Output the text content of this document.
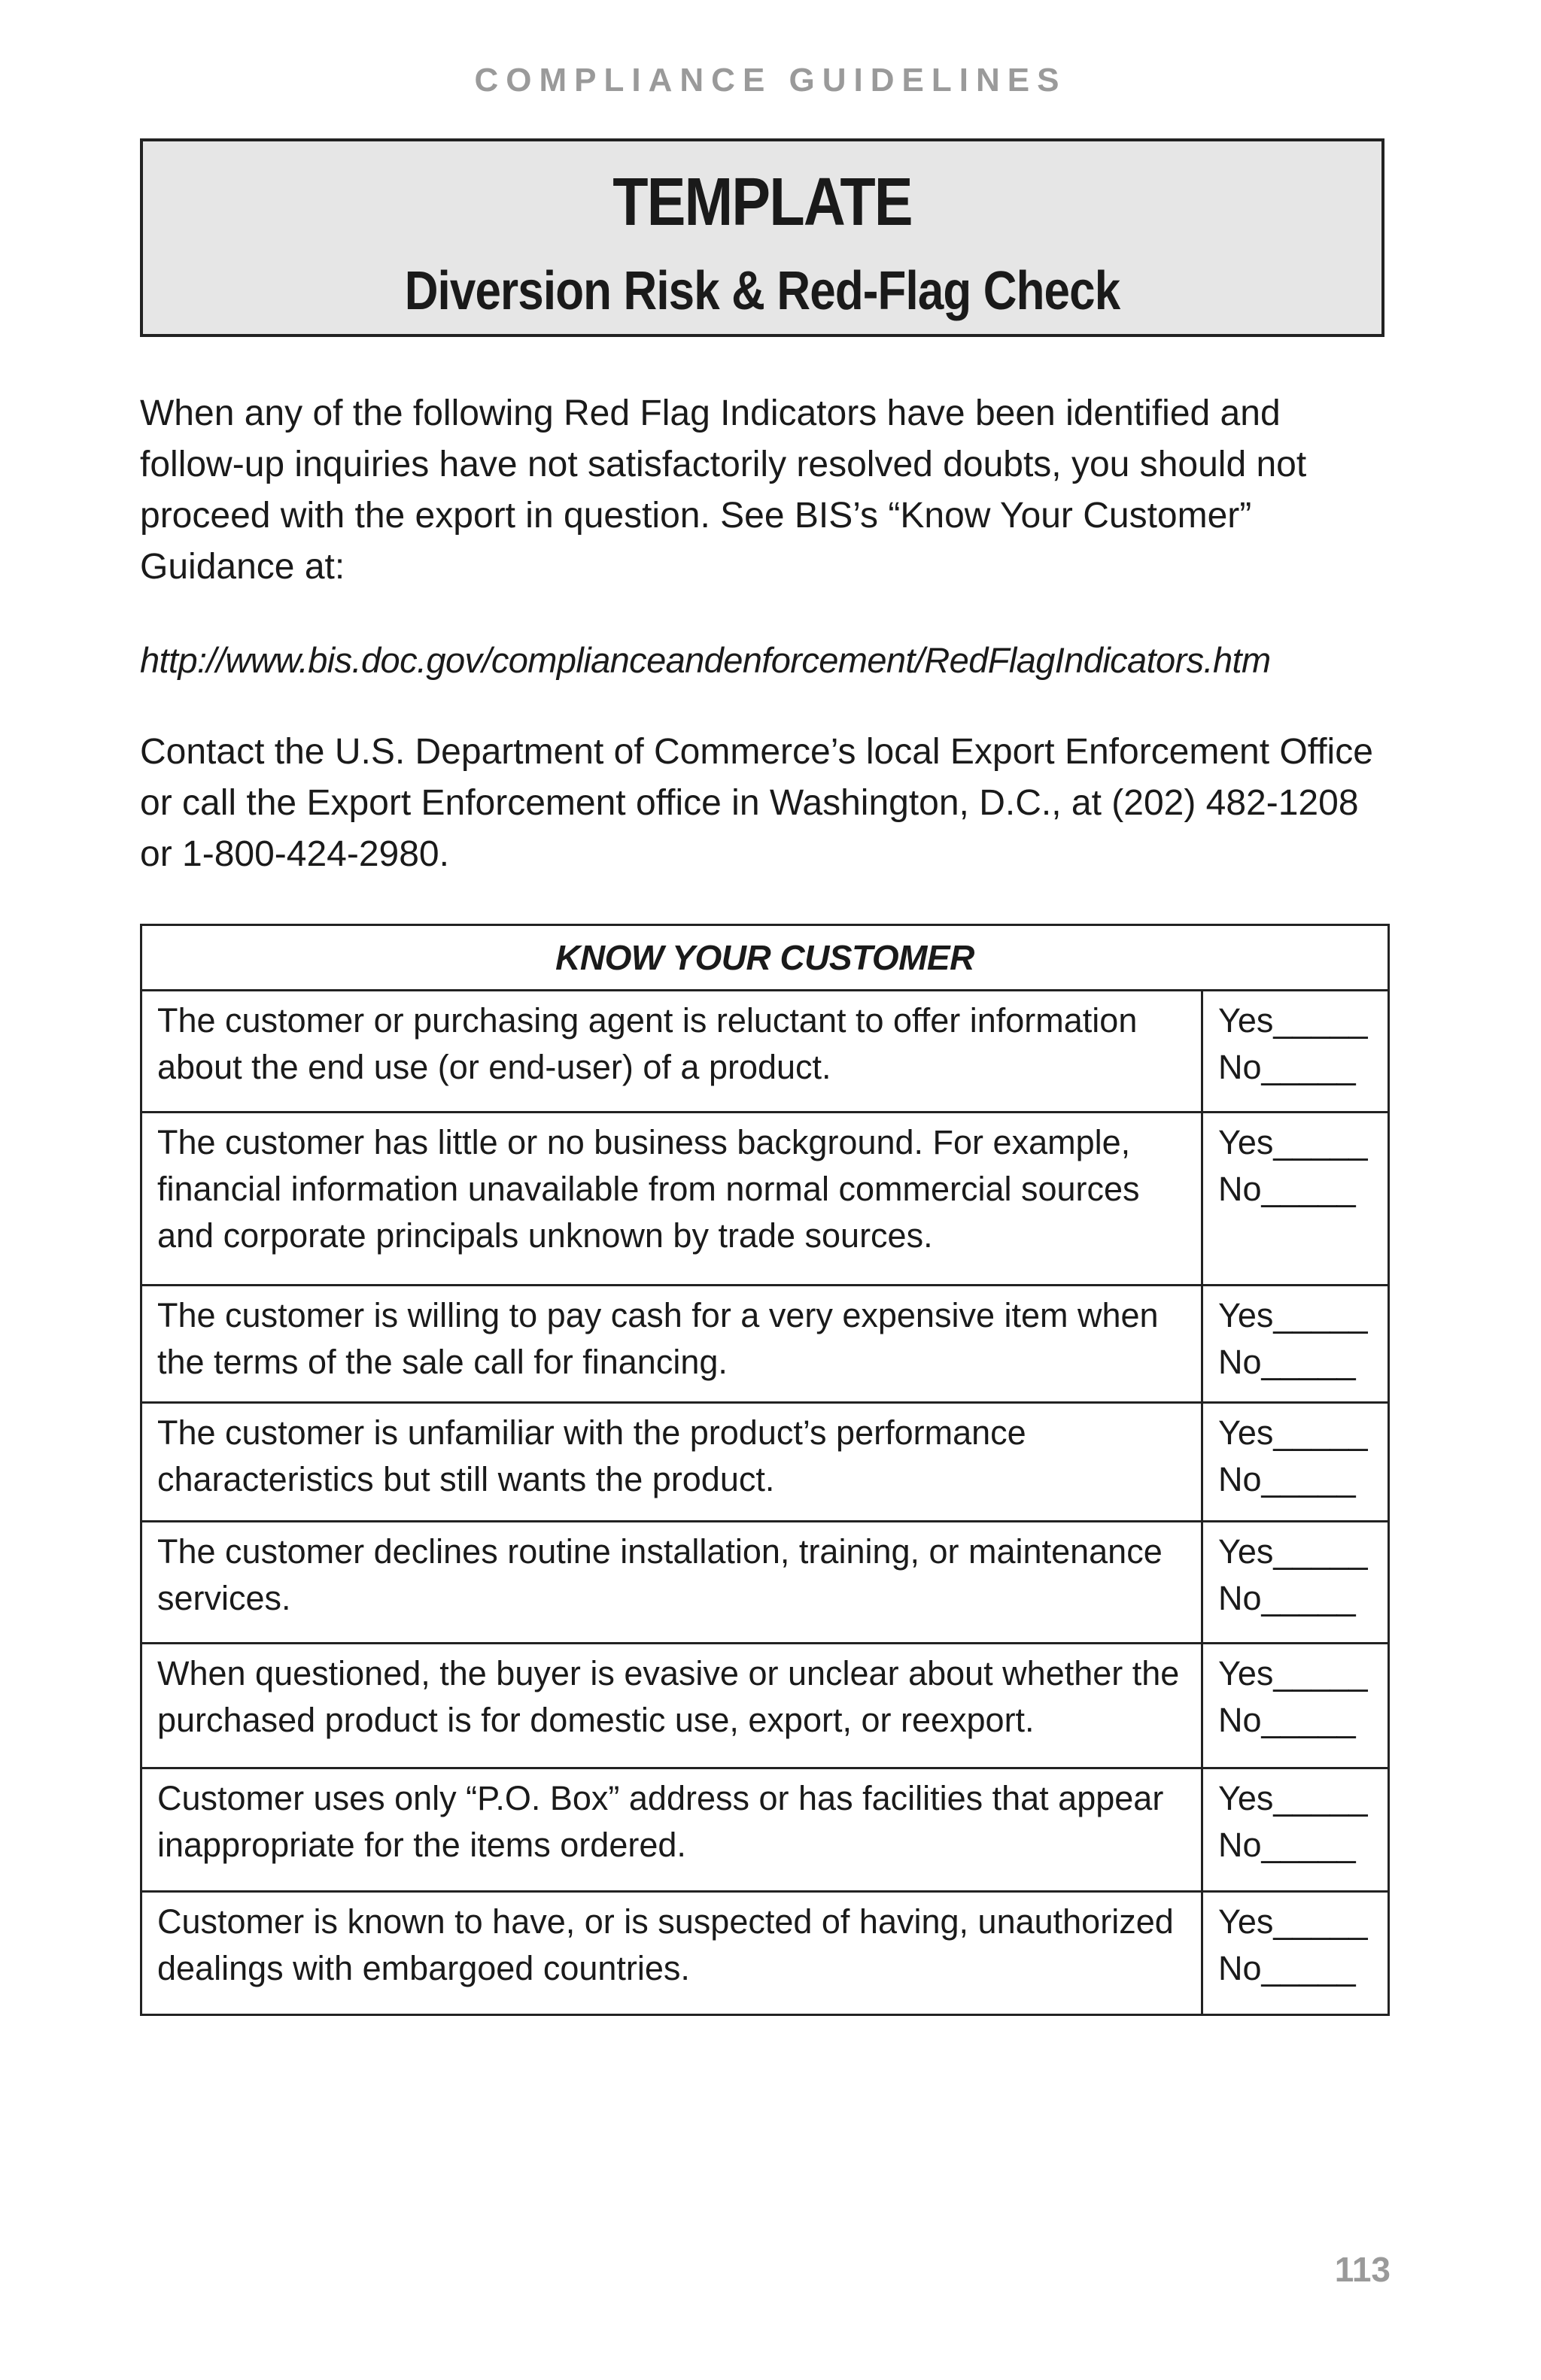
COMPLIANCE GUIDELINES
TEMPLATE
Diversion Risk & Red-Flag Check

When any of the following Red Flag Indicators have been identified and follow-up inquiries have not satisfactorily resolved doubts, you should not proceed with the export in question. See BIS’s “Know Your Customer” Guidance at:

http://www.bis.doc.gov/complianceandenforcement/RedFlagIndicators.htm

Contact the U.S. Department of Commerce’s local Export Enforcement Office or call the Export Enforcement office in Washington, D.C., at (202) 482-1208 or 1-800-424-2980.

KNOW YOUR CUSTOMER	
The customer or purchasing agent is reluctant to offer information about the end use (or end-user) of a product.	Yes_____
No_____

The customer has little or no business background. For example, financial information unavailable from normal commercial sources and corporate principals unknown by trade sources.	Yes_____
No_____

The customer is willing to pay cash for a very expensive item when the terms of the sale call for financing.	Yes_____
No_____

The customer is unfamiliar with the product’s performance characteristics but still wants the product.	Yes_____
No_____

The customer declines routine installation, training, or maintenance services.	Yes_____
No_____

When questioned, the buyer is evasive or unclear about whether the purchased product is for domestic use, export, or reexport.	Yes_____
No_____

Customer uses only “P.O. Box” address or has facilities that appear inappropriate for the items ordered.	Yes_____
No_____

Customer is known to have, or is suspected of having, unauthorized dealings with embargoed countries.	Yes_____
No_____
113
